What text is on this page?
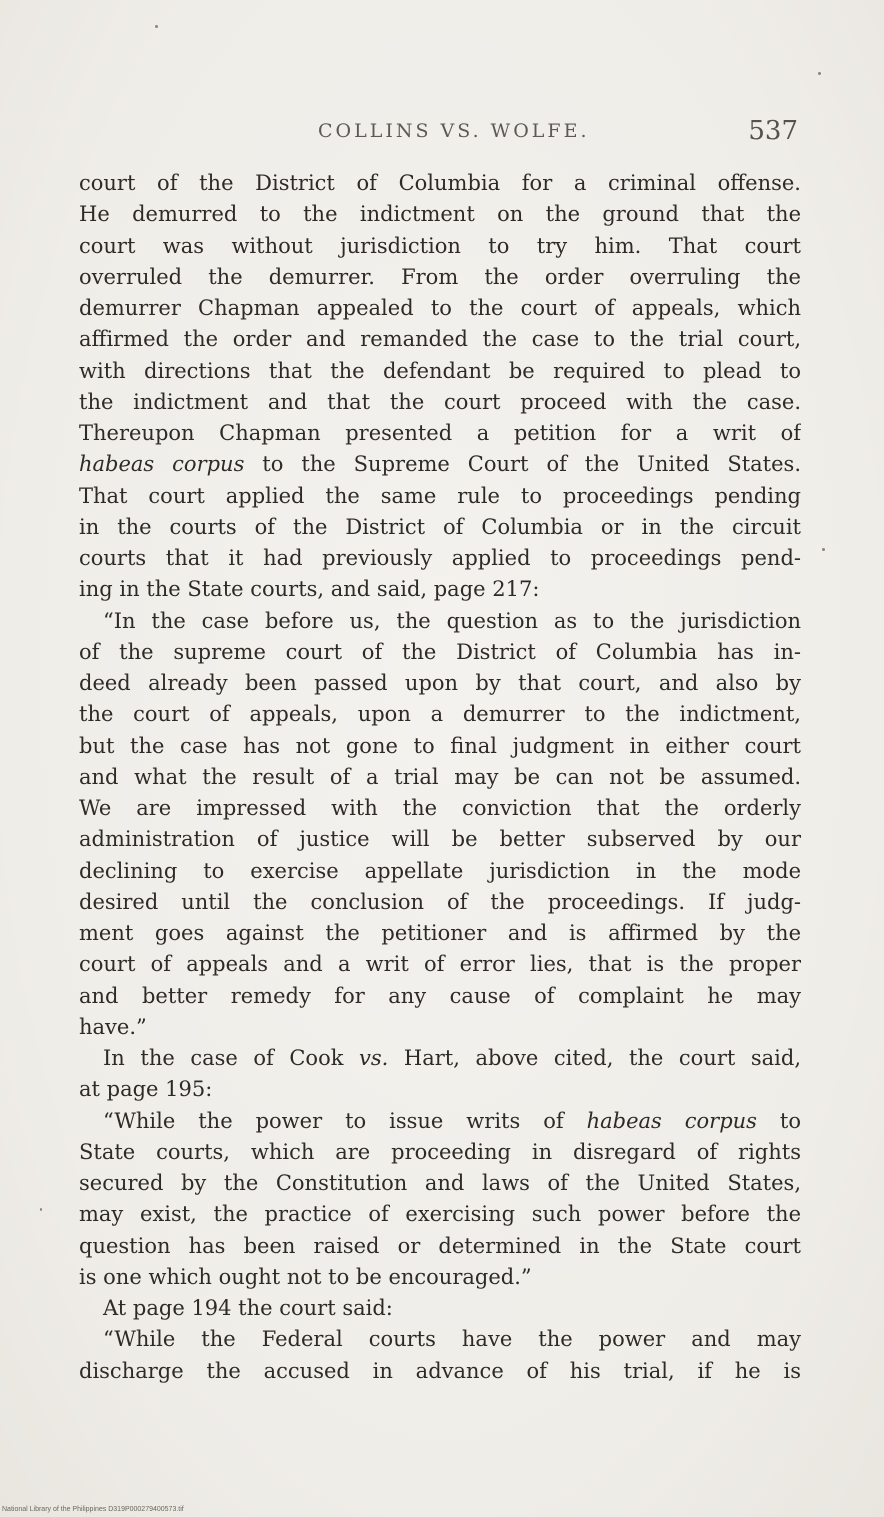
COLLINS VS. WOLFE.	537
court of the District of Columbia for a criminal offense.
He demurred to the indictment on the ground that the
court was without jurisdiction to try him. That court
overruled the demurrer. From the order overruling the
demurrer Chapman appealed to the court of appeals, which
affirmed the order and remanded the case to the trial court,
with directions that the defendant be required to plead to
the indictment and that the court proceed with the case.
Thereupon Chapman presented a petition for a writ of
habeas corpus to the Supreme Court of the United States.
That court applied the same rule to proceedings pending
in the courts of the District of Columbia or in the circuit
courts that it had previously applied to proceedings pend-
ing in the State courts, and said, page 217:
“In the case before us, the question as to the jurisdiction
of the supreme court of the District of Columbia has in-
deed already been passed upon by that court, and also by
the court of appeals, upon a demurrer to the indictment,
but the case has not gone to final judgment in either court
and what the result of a trial may be can not be assumed.
We are impressed with the conviction that the orderly
administration of justice will be better subserved by our
declining to exercise appellate jurisdiction in the mode
desired until the conclusion of the proceedings. If judg-
ment goes against the petitioner and is affirmed by the
court of appeals and a writ of error lies, that is the proper
and better remedy for any cause of complaint he may
have.”
In the case of Cook vs. Hart, above cited, the court said,
at page 195:
“While the power to issue writs of habeas corpus to
State courts, which are proceeding in disregard of rights
secured by the Constitution and laws of the United States,
may exist, the practice of exercising such power before the
question has been raised or determined in the State court
is one which ought not to be encouraged.”
At page 194 the court said:
“While the Federal courts have the power and may
discharge the accused in advance of his trial, if he is
National Library of the Philippines D319P000279400573.tif
